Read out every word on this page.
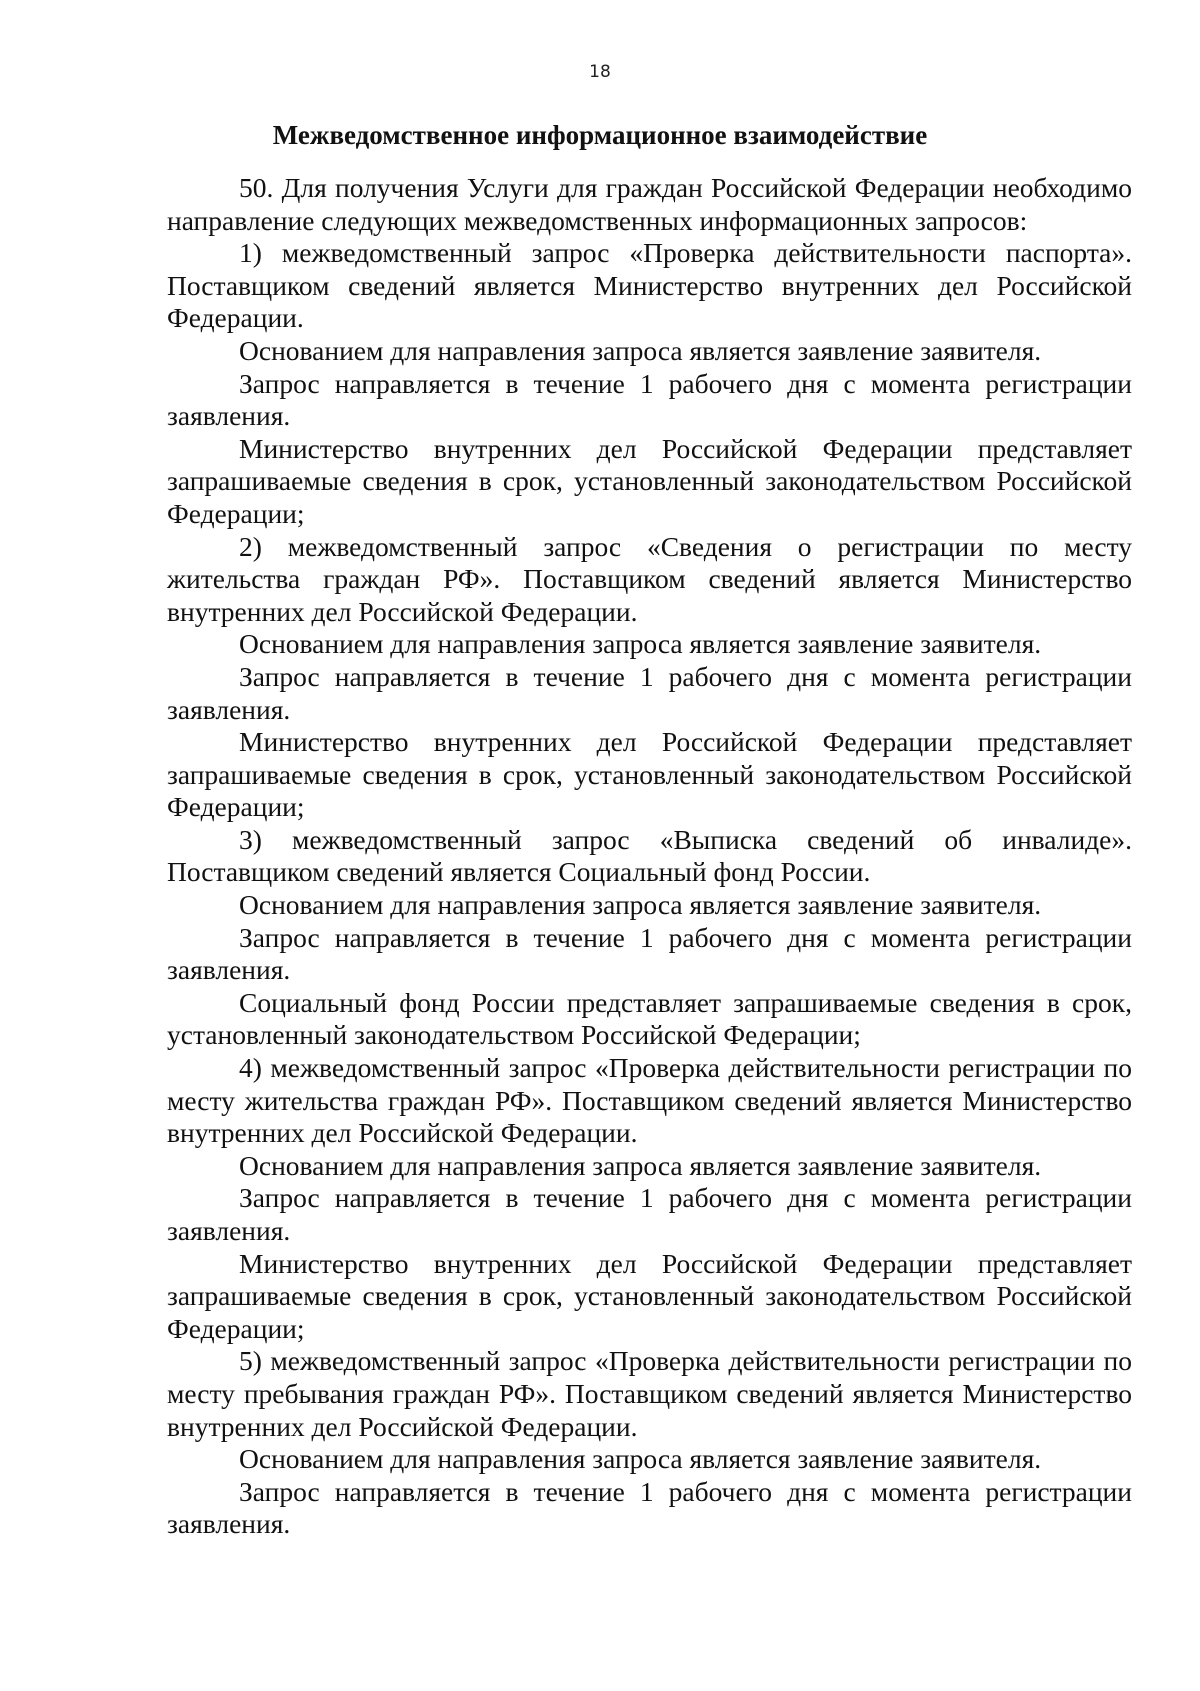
18
Межведомственное информационное взаимодействие

50. Для получения Услуги для граждан Российской Федерации необходимо направление следующих межведомственных информационных запросов:

1) межведомственный запрос «Проверка действительности паспорта». Поставщиком сведений является Министерство внутренних дел Российской Федерации.

Основанием для направления запроса является заявление заявителя.

Запрос направляется в течение 1 рабочего дня с момента регистрации заявления.

Министерство внутренних дел Российской Федерации представляет запрашиваемые сведения в срок, установленный законодательством Российской Федерации;

2) межведомственный запрос «Сведения о регистрации по месту жительства граждан РФ». Поставщиком сведений является Министерство внутренних дел Российской Федерации.

Основанием для направления запроса является заявление заявителя.

Запрос направляется в течение 1 рабочего дня с момента регистрации заявления.

Министерство внутренних дел Российской Федерации представляет запрашиваемые сведения в срок, установленный законодательством Российской Федерации;

3) межведомственный запрос «Выписка сведений об инвалиде». Поставщиком сведений является Социальный фонд России.

Основанием для направления запроса является заявление заявителя.

Запрос направляется в течение 1 рабочего дня с момента регистрации заявления.

Социальный фонд России представляет запрашиваемые сведения в срок, установленный законодательством Российской Федерации;

4) межведомственный запрос «Проверка действительности регистрации по месту жительства граждан РФ». Поставщиком сведений является Министерство внутренних дел Российской Федерации.

Основанием для направления запроса является заявление заявителя.

Запрос направляется в течение 1 рабочего дня с момента регистрации заявления.

Министерство внутренних дел Российской Федерации представляет запрашиваемые сведения в срок, установленный законодательством Российской Федерации;

5) межведомственный запрос «Проверка действительности регистрации по месту пребывания граждан РФ». Поставщиком сведений является Министерство внутренних дел Российской Федерации.

Основанием для направления запроса является заявление заявителя.

Запрос направляется в течение 1 рабочего дня с момента регистрации заявления.
